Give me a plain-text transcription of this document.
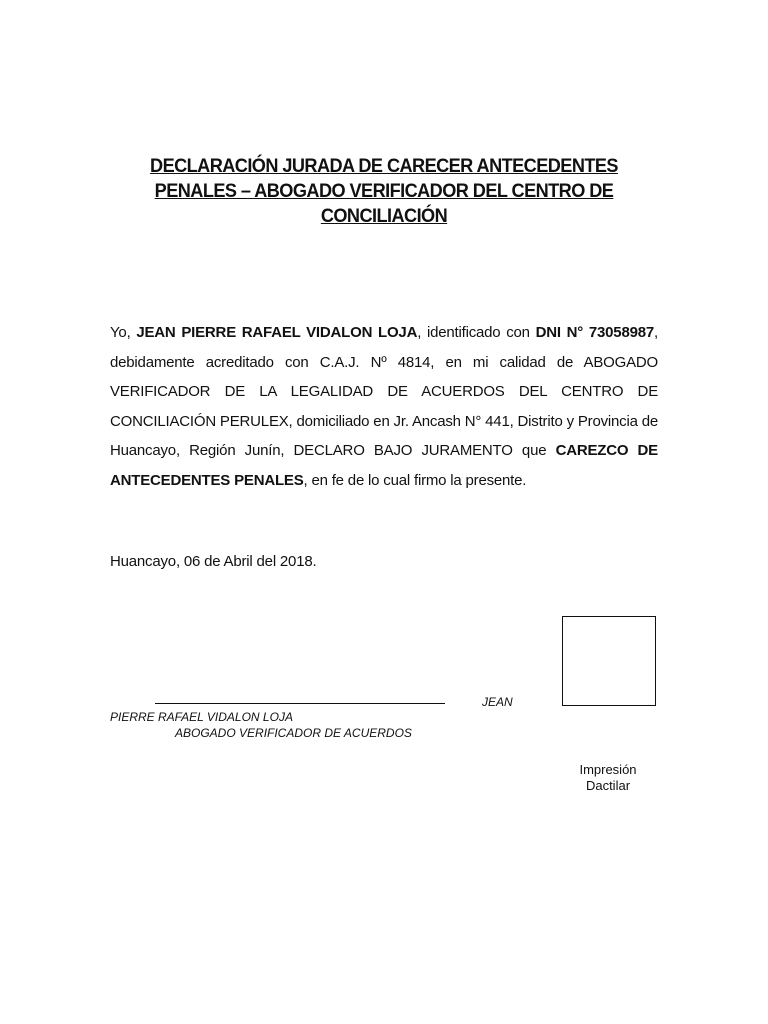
DECLARACIÓN JURADA DE CARECER ANTECEDENTES PENALES – ABOGADO VERIFICADOR DEL CENTRO DE CONCILIACIÓN
Yo, JEAN PIERRE RAFAEL VIDALON LOJA, identificado con DNI N° 73058987, debidamente acreditado con C.A.J. Nº 4814, en mi calidad de ABOGADO VERIFICADOR DE LA LEGALIDAD DE ACUERDOS DEL CENTRO DE CONCILIACIÓN PERULEX, domiciliado en Jr. Ancash N° 441, Distrito y Provincia de Huancayo, Región Junín, DECLARO BAJO JURAMENTO que CAREZCO DE ANTECEDENTES PENALES, en fe de lo cual firmo la presente.
Huancayo, 06 de Abril del 2018.
JEAN
PIERRE RAFAEL VIDALON LOJA
ABOGADO VERIFICADOR DE ACUERDOS
Impresión
Dactilar
